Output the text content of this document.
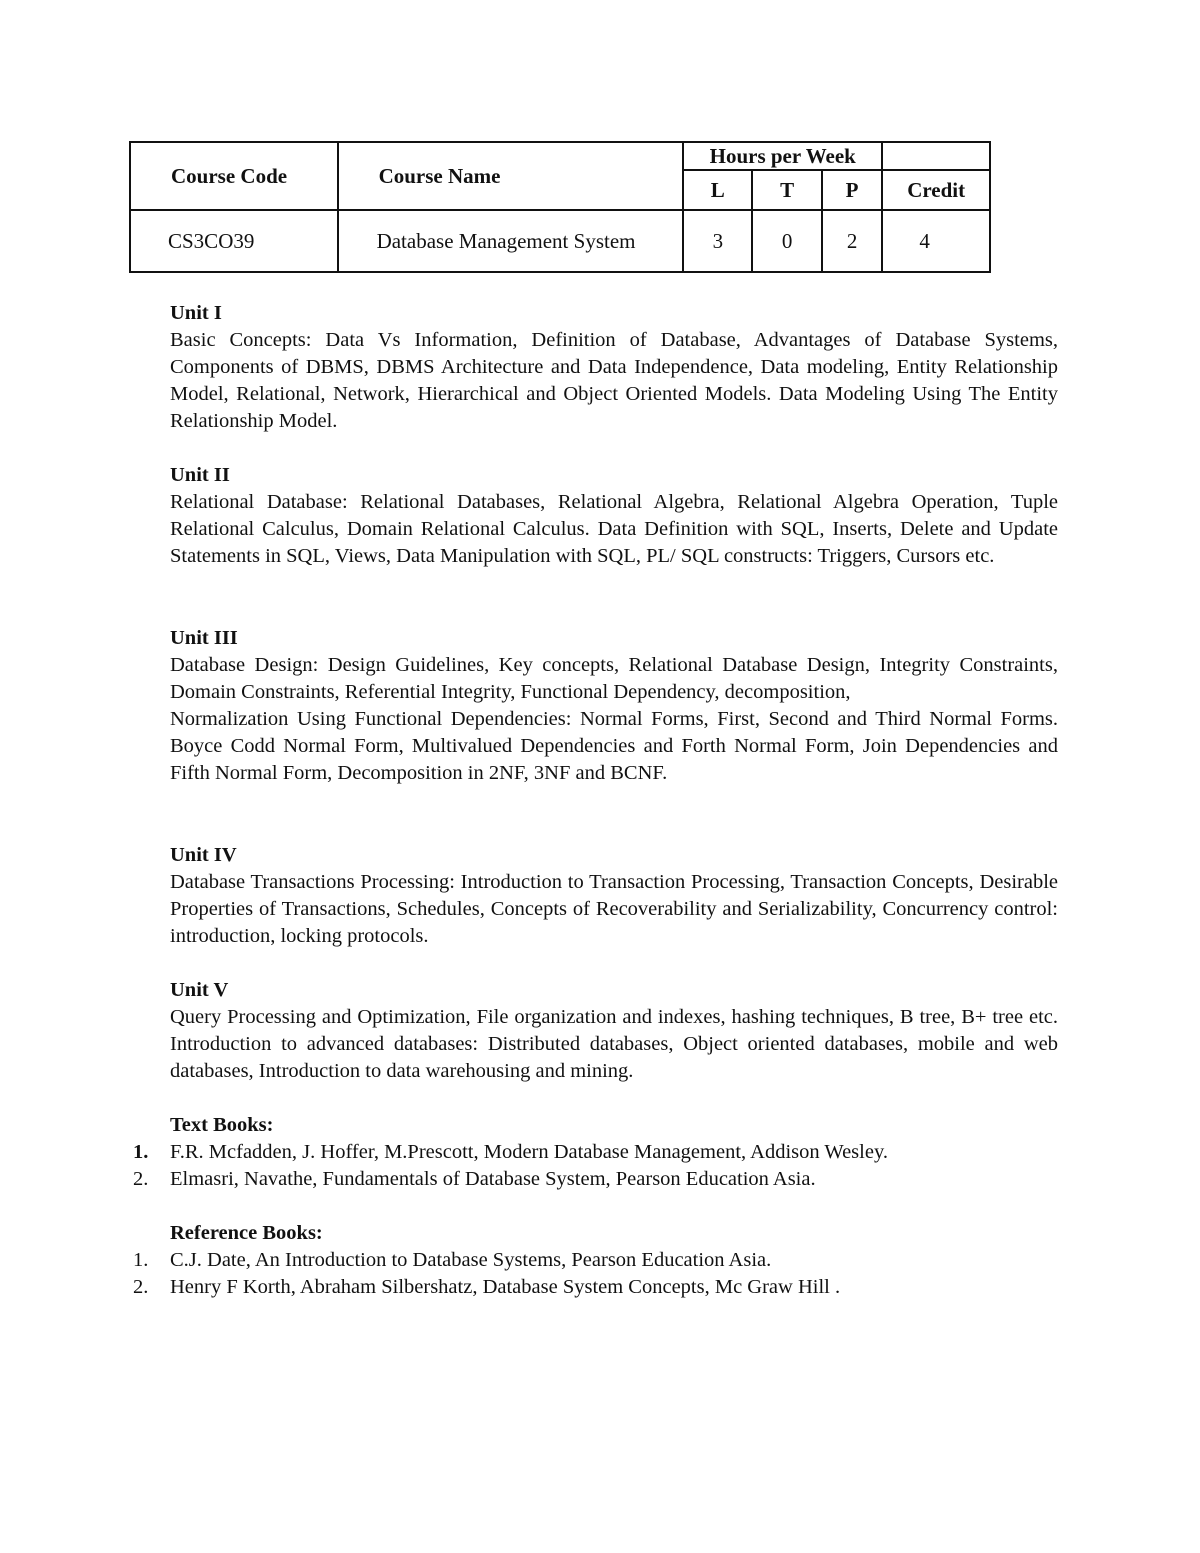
Course Code	Course Name	Hours per Week			
		L	T	P	Credit
CS3CO39	Database Management System	3	0	2	4

Unit I

Basic Concepts: Data Vs Information, Definition of Database, Advantages of Database Systems, Components of DBMS, DBMS Architecture and Data Independence, Data modeling, Entity Relationship Model, Relational, Network, Hierarchical and Object Oriented Models. Data Modeling Using The Entity Relationship Model.

Unit II

Relational Database: Relational Databases, Relational Algebra, Relational Algebra Operation, Tuple Relational Calculus, Domain Relational Calculus. Data Definition with SQL, Inserts, Delete and Update Statements in SQL, Views, Data Manipulation with SQL, PL/ SQL constructs: Triggers, Cursors etc.

Unit III

Database Design: Design Guidelines, Key concepts, Relational Database Design, Integrity Constraints, Domain Constraints, Referential Integrity, Functional Dependency, decomposition,

Normalization Using Functional Dependencies: Normal Forms, First, Second and Third Normal Forms. Boyce Codd Normal Form, Multivalued Dependencies and Forth Normal Form, Join Dependencies and Fifth Normal Form, Decomposition in 2NF, 3NF and BCNF.

Unit IV

Database Transactions Processing: Introduction to Transaction Processing, Transaction Concepts, Desirable Properties of Transactions, Schedules, Concepts of Recoverability and Serializability, Concurrency control: introduction, locking protocols.

Unit V

Query Processing and Optimization, File organization and indexes, hashing techniques, B tree, B+ tree etc. Introduction to advanced databases: Distributed databases, Object oriented databases, mobile and web databases, Introduction to data warehousing and mining.

Text Books:

1. F.R. Mcfadden, J. Hoffer, M.Prescott, Modern Database Management, Addison Wesley.
2. Elmasri, Navathe, Fundamentals of Database System, Pearson Education Asia.

Reference Books:

1. C.J. Date, An Introduction to Database Systems, Pearson Education Asia.
2. Henry F Korth, Abraham Silbershatz, Database System Concepts, Mc Graw Hill .
